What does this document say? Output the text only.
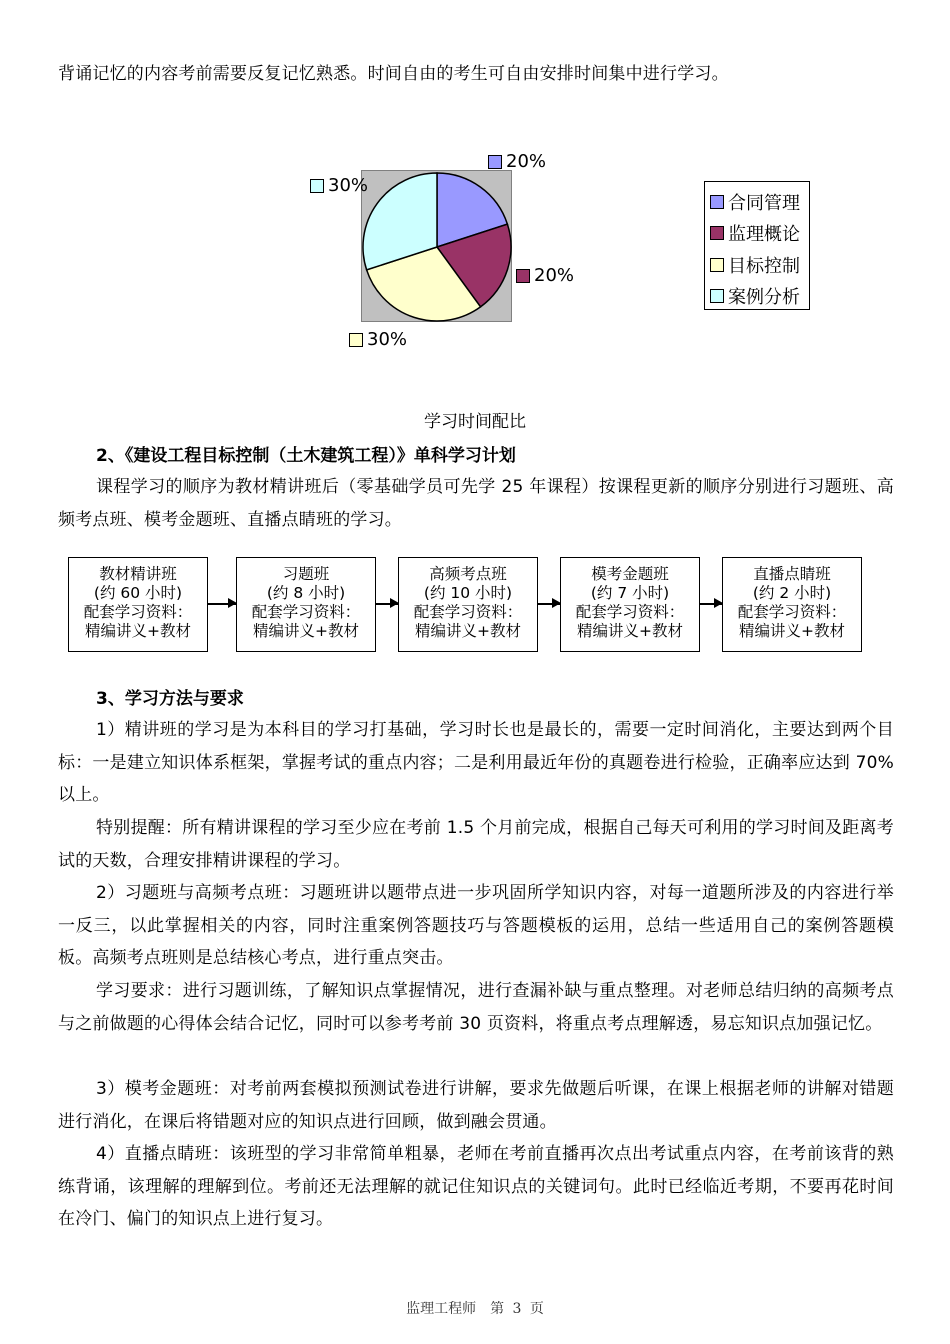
背诵记忆的内容考前需要反复记忆熟悉。时间自由的考生可自由安排时间集中进行学习。
20%
20%
30%
30%
合同管理
监理概论
目标控制
案例分析
学习时间配比
2、《建设工程目标控制（土木建筑工程）》单科学习计划
课程学习的顺序为教材精讲班后（零基础学员可先学 25 年课程）按课程更新的顺序分别进行习题班、高频考点班、模考金题班、直播点睛班的学习。
教材精讲班
(约 60 小时)
配套学习资料：
精编讲义+教材
习题班
(约 8 小时)
配套学习资料：
精编讲义+教材
高频考点班
(约 10 小时)
配套学习资料：
精编讲义+教材
模考金题班
(约 7 小时)
配套学习资料：
精编讲义+教材
直播点睛班
(约 2 小时)
配套学习资料：
精编讲义+教材
3、学习方法与要求
1）精讲班的学习是为本科目的学习打基础，学习时长也是最长的，需要一定时间消化，主要达到两个目标：一是建立知识体系框架，掌握考试的重点内容；二是利用最近年份的真题卷进行检验，正确率应达到 70%以上。
特别提醒：所有精讲课程的学习至少应在考前 1.5 个月前完成，根据自己每天可利用的学习时间及距离考试的天数，合理安排精讲课程的学习。
2）习题班与高频考点班：习题班讲以题带点进一步巩固所学知识内容，对每一道题所涉及的内容进行举一反三，以此掌握相关的内容，同时注重案例答题技巧与答题模板的运用，总结一些适用自己的案例答题模板。高频考点班则是总结核心考点，进行重点突击。
学习要求：进行习题训练，了解知识点掌握情况，进行查漏补缺与重点整理。对老师总结归纳的高频考点与之前做题的心得体会结合记忆，同时可以参考考前 30 页资料，将重点考点理解透，易忘知识点加强记忆。
3）模考金题班：对考前两套模拟预测试卷进行讲解，要求先做题后听课，在课上根据老师的讲解对错题进行消化，在课后将错题对应的知识点进行回顾，做到融会贯通。
4）直播点睛班：该班型的学习非常简单粗暴，老师在考前直播再次点出考试重点内容，在考前该背的熟练背诵，该理解的理解到位。考前还无法理解的就记住知识点的关键词句。此时已经临近考期，不要再花时间在冷门、偏门的知识点上进行复习。
监理工程师　第 3 页
